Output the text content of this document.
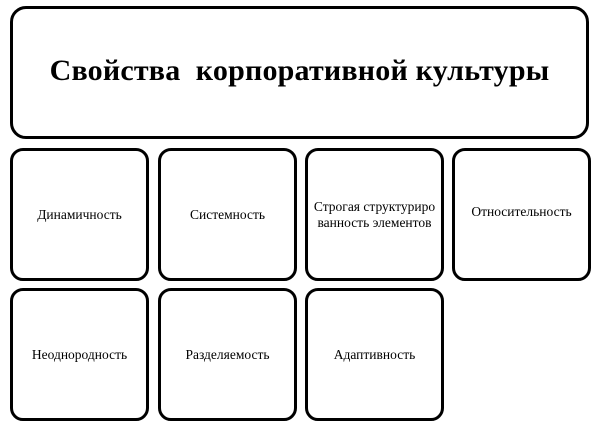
Свойства  корпоративной культуры
Динамичность	Системность
Строгая структурированность элементов
Относительность
Неоднородность	Разделяемость	Адаптивность
